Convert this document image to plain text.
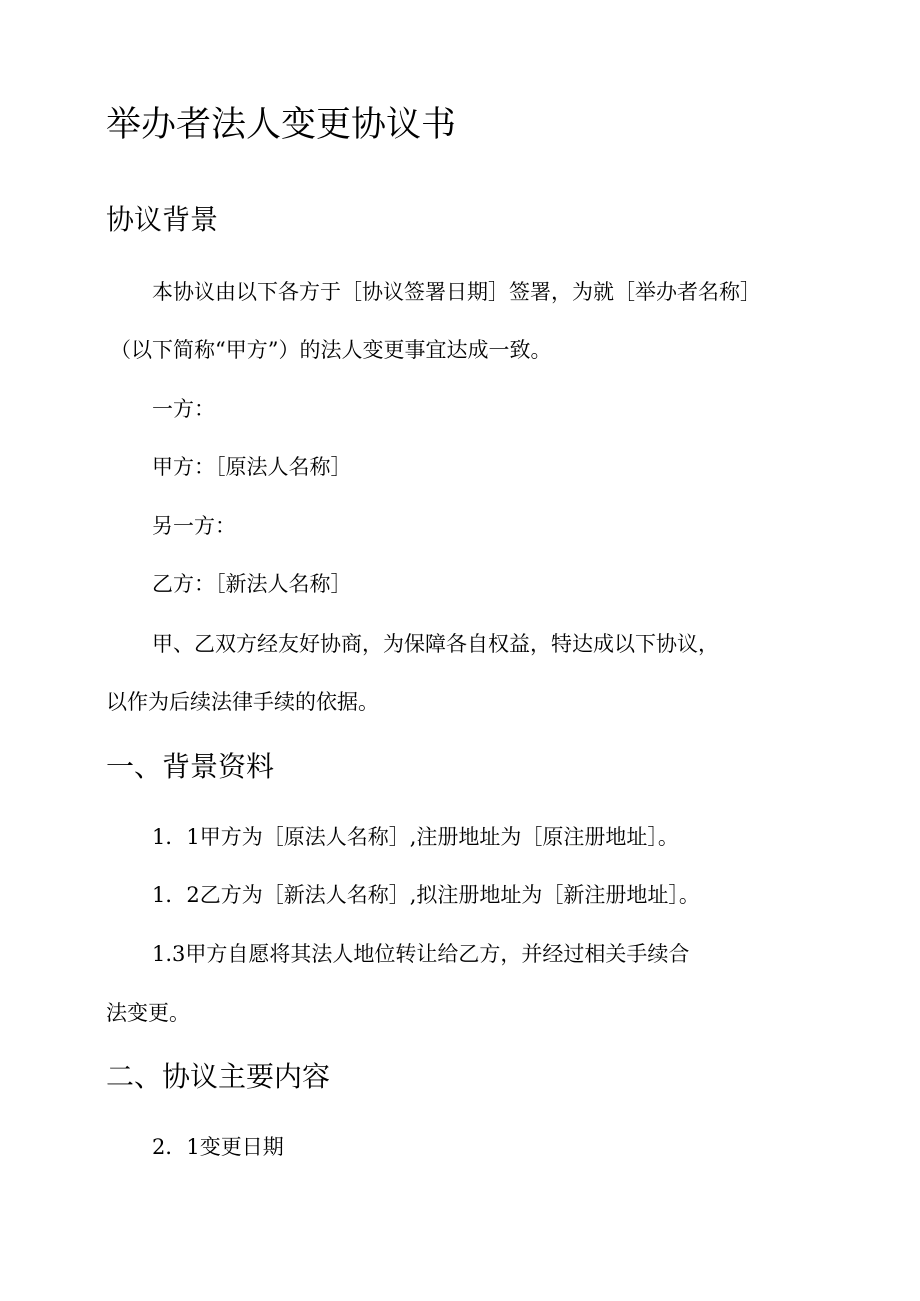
举办者法人变更协议书
协议背景

本协议由以下各方于［协议签署日期］签署，为就［举办者名称］

（以下简称“甲方”）的法人变更事宜达成一致。

一方：

甲方：［原法人名称］

另一方：

乙方：［新法人名称］

甲、乙双方经友好协商，为保障各自权益，特达成以下协议，

以作为后续法律手续的依据。

一、背景资料

1．1甲方为［原法人名称］,注册地址为［原注册地址］。

1．2乙方为［新法人名称］,拟注册地址为［新注册地址］。

1.3甲方自愿将其法人地位转让给乙方，并经过相关手续合

法变更。

二、协议主要内容

2．1变更日期
